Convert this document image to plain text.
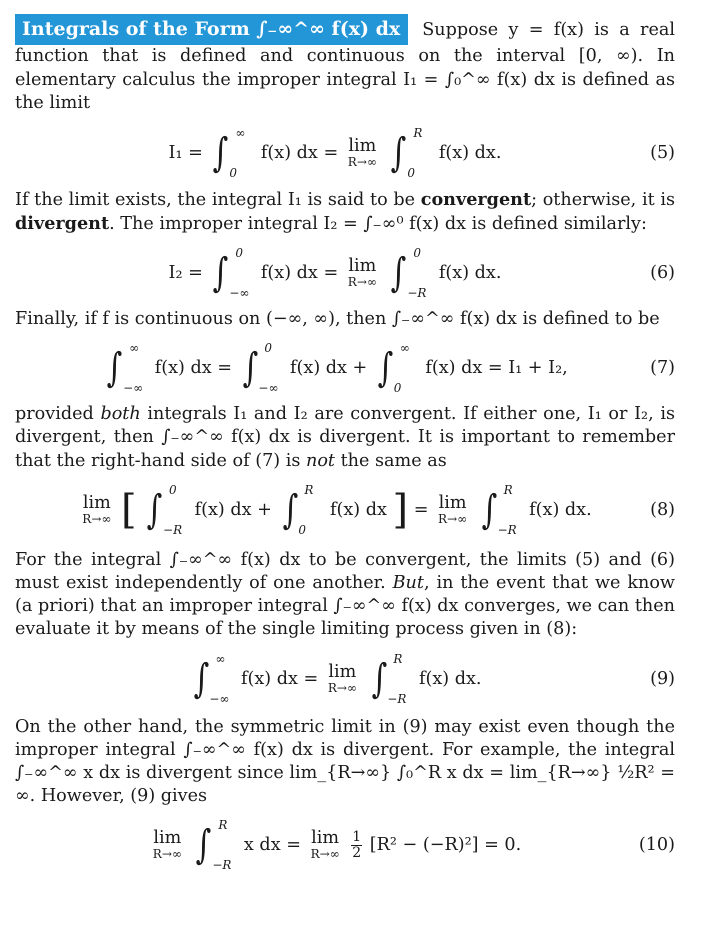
Integrals of the Form ∫₋∞^∞ f(x) dx Suppose y = f(x) is a real function that is defined and continuous on the interval [0, ∞). In elementary calculus the improper integral I₁ = ∫₀^∞ f(x) dx is defined as the limit

I₁ = ∫ ∞
0
f(x) dx = lim
R→∞ ∫ R
0
f(x) dx.	(5)

If the limit exists, the integral I₁ is said to be convergent; otherwise, it is divergent. The improper integral I₂ = ∫₋∞⁰ f(x) dx is defined similarly:

I₂ = ∫ 0
−∞
f(x) dx = lim
R→∞ ∫ 0
−R
f(x) dx.	(6)

Finally, if f is continuous on (−∞, ∞), then ∫₋∞^∞ f(x) dx is defined to be

∫ ∞
−∞
f(x) dx = ∫ 0
−∞
f(x) dx + ∫ ∞
0
f(x) dx = I₁ + I₂,	(7)

provided both integrals I₁ and I₂ are convergent. If either one, I₁ or I₂, is divergent, then ∫₋∞^∞ f(x) dx is divergent. It is important to remember that the right-hand side of (7) is not the same as

lim
R→∞ [ ∫ 0
−R
f(x) dx + ∫ R
0
f(x) dx ] = lim
R→∞ ∫ R
−R
f(x) dx.	(8)

For the integral ∫₋∞^∞ f(x) dx to be convergent, the limits (5) and (6) must exist independently of one another. But, in the event that we know (a priori) that an improper integral ∫₋∞^∞ f(x) dx converges, we can then evaluate it by means of the single limiting process given in (8):

∫ ∞
−∞
f(x) dx = lim
R→∞ ∫ R
−R
f(x) dx.	(9)

On the other hand, the symmetric limit in (9) may exist even though the improper integral ∫₋∞^∞ f(x) dx is divergent. For example, the integral ∫₋∞^∞ x dx is divergent since lim_{R→∞} ∫₀^R x dx = lim_{R→∞} ½R² = ∞. However, (9) gives

lim
R→∞ ∫ R
−R
x dx = lim
R→∞
$\frac{1}{2} [R^2 - (-R)^2] = 0$.	(10)
